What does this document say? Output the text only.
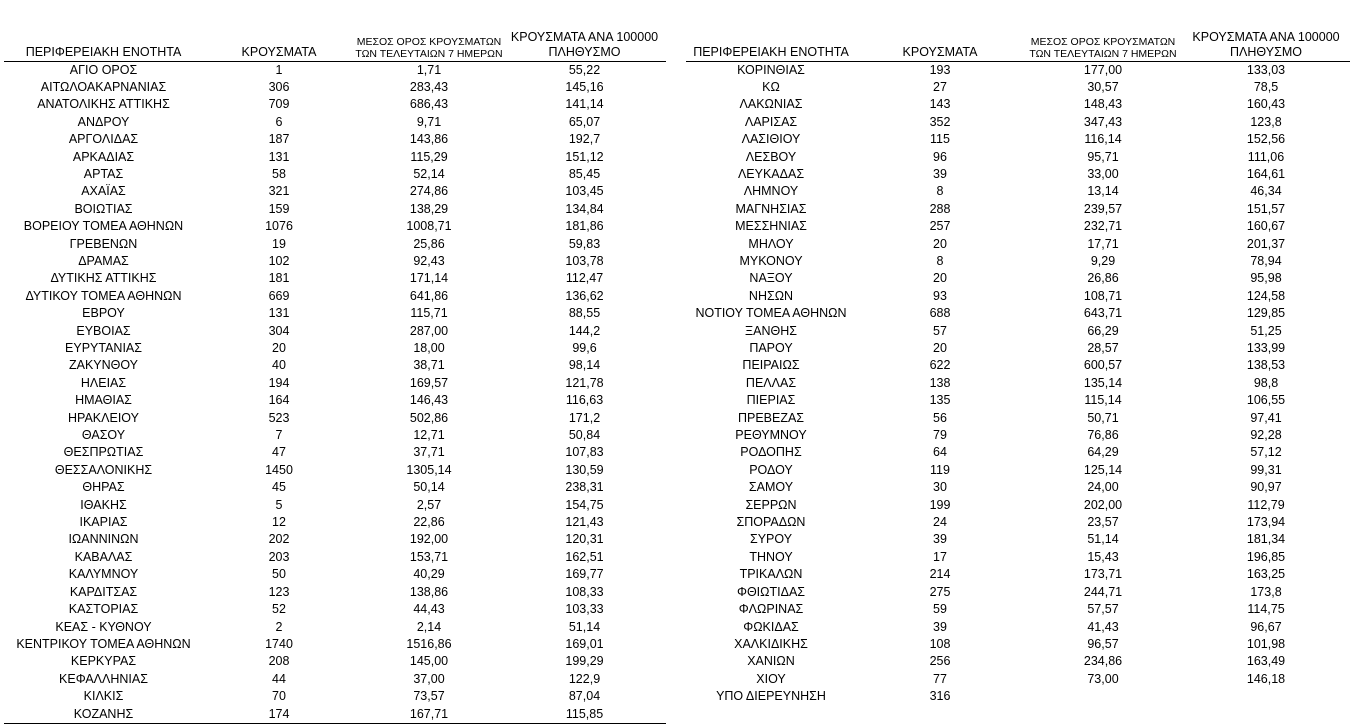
ΠΕΡΙΦΕΡΕΙΑΚΗ ΕΝΟΤΗΤΑ	ΚΡΟΥΣΜΑΤΑ	ΜΕΣΟΣ ΟΡΟΣ ΚΡΟΥΣΜΑΤΩΝ ΤΩΝ ΤΕΛΕΥΤΑΙΩΝ 7 ΗΜΕΡΩΝ	ΚΡΟΥΣΜΑΤΑ ΑΝΑ 100000 ΠΛΗΘΥΣΜΟ
ΑΓΙΟ ΟΡΟΣ	1	1,71	55,22
ΑΙΤΩΛΟΑΚΑΡΝΑΝΙΑΣ	306	283,43	145,16
ΑΝΑΤΟΛΙΚΗΣ ΑΤΤΙΚΗΣ	709	686,43	141,14
ΑΝΔΡΟΥ	6	9,71	65,07
ΑΡΓΟΛΙΔΑΣ	187	143,86	192,7
ΑΡΚΑΔΙΑΣ	131	115,29	151,12
ΑΡΤΑΣ	58	52,14	85,45
ΑΧΑΪΑΣ	321	274,86	103,45
ΒΟΙΩΤΙΑΣ	159	138,29	134,84
ΒΟΡΕΙΟΥ ΤΟΜΕΑ ΑΘΗΝΩΝ	1076	1008,71	181,86
ΓΡΕΒΕΝΩΝ	19	25,86	59,83
ΔΡΑΜΑΣ	102	92,43	103,78
ΔΥΤΙΚΗΣ ΑΤΤΙΚΗΣ	181	171,14	112,47
ΔΥΤΙΚΟΥ ΤΟΜΕΑ ΑΘΗΝΩΝ	669	641,86	136,62
ΕΒΡΟΥ	131	115,71	88,55
ΕΥΒΟΙΑΣ	304	287,00	144,2
ΕΥΡΥΤΑΝΙΑΣ	20	18,00	99,6
ΖΑΚΥΝΘΟΥ	40	38,71	98,14
ΗΛΕΙΑΣ	194	169,57	121,78
ΗΜΑΘΙΑΣ	164	146,43	116,63
ΗΡΑΚΛΕΙΟΥ	523	502,86	171,2
ΘΑΣΟΥ	7	12,71	50,84
ΘΕΣΠΡΩΤΙΑΣ	47	37,71	107,83
ΘΕΣΣΑΛΟΝΙΚΗΣ	1450	1305,14	130,59
ΘΗΡΑΣ	45	50,14	238,31
ΙΘΑΚΗΣ	5	2,57	154,75
ΙΚΑΡΙΑΣ	12	22,86	121,43
ΙΩΑΝΝΙΝΩΝ	202	192,00	120,31
ΚΑΒΑΛΑΣ	203	153,71	162,51
ΚΑΛΥΜΝΟΥ	50	40,29	169,77
ΚΑΡΔΙΤΣΑΣ	123	138,86	108,33
ΚΑΣΤΟΡΙΑΣ	52	44,43	103,33
ΚΕΑΣ - ΚΥΘΝΟΥ	2	2,14	51,14
ΚΕΝΤΡΙΚΟΥ ΤΟΜΕΑ ΑΘΗΝΩΝ	1740	1516,86	169,01
ΚΕΡΚΥΡΑΣ	208	145,00	199,29
ΚΕΦΑΛΛΗΝΙΑΣ	44	37,00	122,9
ΚΙΛΚΙΣ	70	73,57	87,04
ΚΟΖΑΝΗΣ	174	167,71	115,85
ΠΕΡΙΦΕΡΕΙΑΚΗ ΕΝΟΤΗΤΑ	ΚΡΟΥΣΜΑΤΑ	ΜΕΣΟΣ ΟΡΟΣ ΚΡΟΥΣΜΑΤΩΝ ΤΩΝ ΤΕΛΕΥΤΑΙΩΝ 7 ΗΜΕΡΩΝ	ΚΡΟΥΣΜΑΤΑ ΑΝΑ 100000 ΠΛΗΘΥΣΜΟ
ΚΟΡΙΝΘΙΑΣ	193	177,00	133,03
ΚΩ	27	30,57	78,5
ΛΑΚΩΝΙΑΣ	143	148,43	160,43
ΛΑΡΙΣΑΣ	352	347,43	123,8
ΛΑΣΙΘΙΟΥ	115	116,14	152,56
ΛΕΣΒΟΥ	96	95,71	111,06
ΛΕΥΚΑΔΑΣ	39	33,00	164,61
ΛΗΜΝΟΥ	8	13,14	46,34
ΜΑΓΝΗΣΙΑΣ	288	239,57	151,57
ΜΕΣΣΗΝΙΑΣ	257	232,71	160,67
ΜΗΛΟΥ	20	17,71	201,37
ΜΥΚΟΝΟΥ	8	9,29	78,94
ΝΑΞΟΥ	20	26,86	95,98
ΝΗΣΩΝ	93	108,71	124,58
ΝΟΤΙΟΥ ΤΟΜΕΑ ΑΘΗΝΩΝ	688	643,71	129,85
ΞΑΝΘΗΣ	57	66,29	51,25
ΠΑΡΟΥ	20	28,57	133,99
ΠΕΙΡΑΙΩΣ	622	600,57	138,53
ΠΕΛΛΑΣ	138	135,14	98,8
ΠΙΕΡΙΑΣ	135	115,14	106,55
ΠΡΕΒΕΖΑΣ	56	50,71	97,41
ΡΕΘΥΜΝΟΥ	79	76,86	92,28
ΡΟΔΟΠΗΣ	64	64,29	57,12
ΡΟΔΟΥ	119	125,14	99,31
ΣΑΜΟΥ	30	24,00	90,97
ΣΕΡΡΩΝ	199	202,00	112,79
ΣΠΟΡΑΔΩΝ	24	23,57	173,94
ΣΥΡΟΥ	39	51,14	181,34
ΤΗΝΟΥ	17	15,43	196,85
ΤΡΙΚΑΛΩΝ	214	173,71	163,25
ΦΘΙΩΤΙΔΑΣ	275	244,71	173,8
ΦΛΩΡΙΝΑΣ	59	57,57	114,75
ΦΩΚΙΔΑΣ	39	41,43	96,67
ΧΑΛΚΙΔΙΚΗΣ	108	96,57	101,98
ΧΑΝΙΩΝ	256	234,86	163,49
ΧΙΟΥ	77	73,00	146,18
ΥΠΟ ΔΙΕΡΕΥΝΗΣΗ	316		
